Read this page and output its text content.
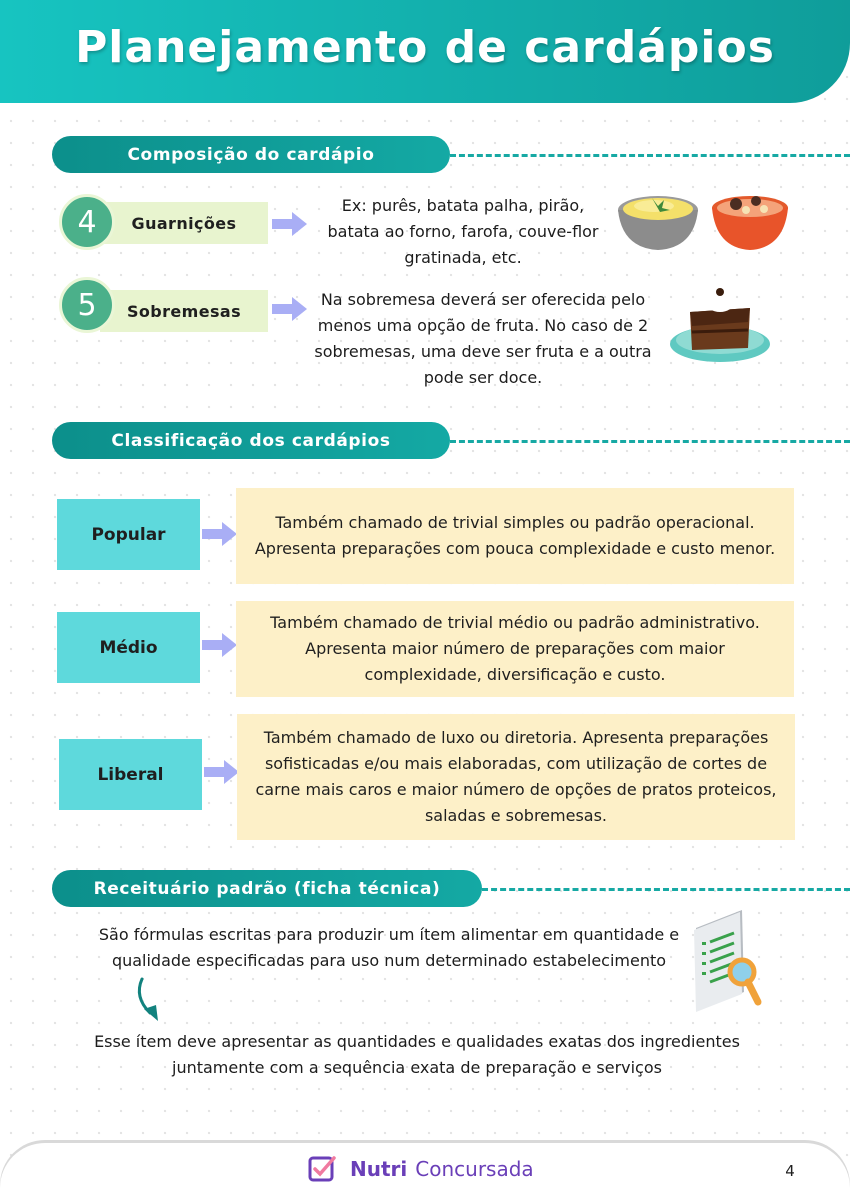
Planejamento de cardápios
Composição do cardápio
4	Guarnições
Ex: purês, batata palha, pirão, batata ao forno, farofa, couve-flor gratinada, etc.
5	Sobremesas
Na sobremesa deverá ser oferecida pelo menos uma opção de fruta. No caso de 2 sobremesas, uma deve ser fruta e a outra pode ser doce.
Classificação dos cardápios
Popular
Também chamado de trivial simples ou padrão operacional. Apresenta preparações com pouca complexidade e custo menor.
Médio
Também chamado de trivial médio ou padrão administrativo. Apresenta maior número de preparações com maior complexidade, diversificação e custo.
Liberal
Também chamado de luxo ou diretoria. Apresenta preparações sofisticadas e/ou mais elaboradas, com utilização de cortes de carne mais caros e maior número de opções de pratos proteicos, saladas e sobremesas.
Receituário padrão (ficha técnica)
São fórmulas escritas para produzir um ítem alimentar em quantidade e qualidade especificadas para uso num determinado estabelecimento
Esse ítem deve apresentar as quantidades e qualidades exatas dos ingredientes juntamente com a sequência exata de preparação e serviços
Nutri Concursada	4
